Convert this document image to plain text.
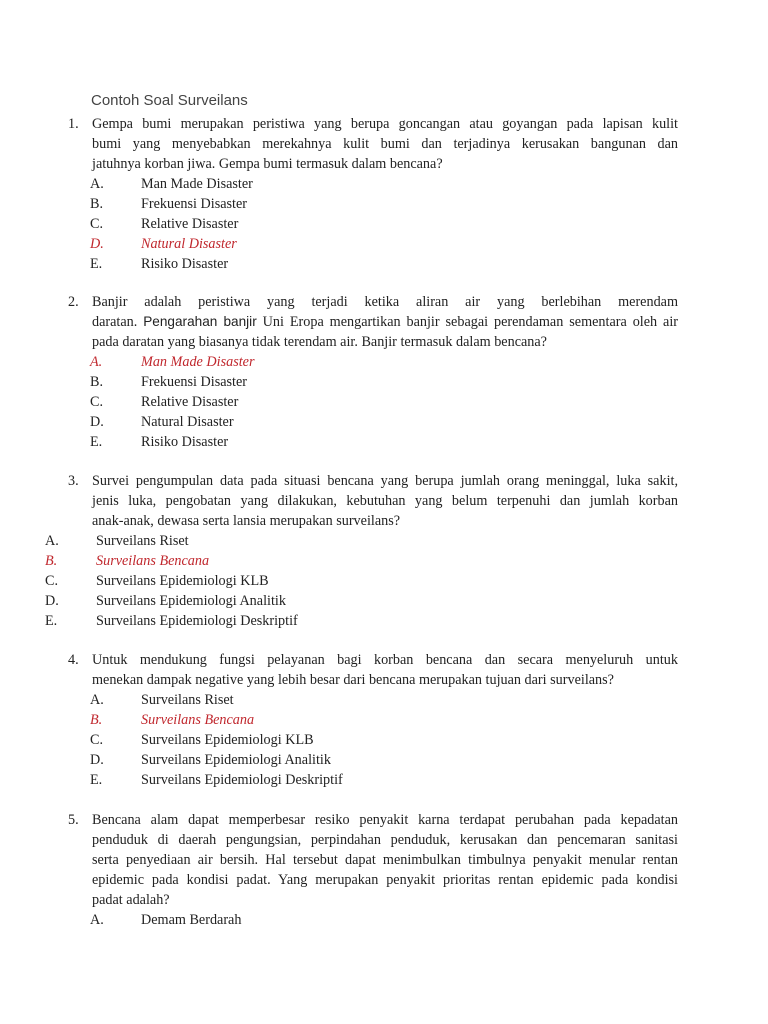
Contoh Soal Surveilans
1. Gempa bumi merupakan peristiwa yang berupa goncangan atau goyangan pada lapisan kulit
bumi yang menyebabkan merekahnya kulit bumi dan terjadinya kerusakan bangunan dan
jatuhnya korban jiwa. Gempa bumi termasuk dalam bencana?
A.	Man Made Disaster
B.	Frekuensi Disaster
C.	Relative Disaster
D.	Natural Disaster
E.	Risiko Disaster
2. Banjir adalah peristiwa yang terjadi ketika aliran air yang berlebihan merendam
daratan. Pengarahan banjir Uni Eropa mengartikan banjir sebagai perendaman sementara oleh air
pada daratan yang biasanya tidak terendam air. Banjir termasuk dalam bencana?
A.	Man Made Disaster
B.	Frekuensi Disaster
C.	Relative Disaster
D.	Natural Disaster
E.	Risiko Disaster
3. Survei pengumpulan data pada situasi bencana yang berupa jumlah orang meninggal, luka sakit,
jenis luka, pengobatan yang dilakukan, kebutuhan yang belum terpenuhi dan jumlah korban
anak-anak, dewasa serta lansia merupakan surveilans?
A.	Surveilans Riset
B.	Surveilans Bencana
C.	Surveilans Epidemiologi KLB
D.	Surveilans Epidemiologi Analitik
E.	Surveilans Epidemiologi Deskriptif
4. Untuk mendukung fungsi pelayanan bagi korban bencana dan secara menyeluruh untuk
menekan dampak negative yang lebih besar dari bencana merupakan tujuan dari surveilans?
A.	Surveilans Riset
B.	Surveilans Bencana
C.	Surveilans Epidemiologi KLB
D.	Surveilans Epidemiologi Analitik
E.	Surveilans Epidemiologi Deskriptif
5. Bencana alam dapat memperbesar resiko penyakit karna terdapat perubahan pada kepadatan
penduduk di daerah pengungsian, perpindahan penduduk, kerusakan dan pencemaran sanitasi
serta penyediaan air bersih. Hal tersebut dapat menimbulkan timbulnya penyakit menular rentan
epidemic pada kondisi padat. Yang merupakan penyakit prioritas rentan epidemic pada kondisi
padat adalah?
A.	Demam Berdarah
